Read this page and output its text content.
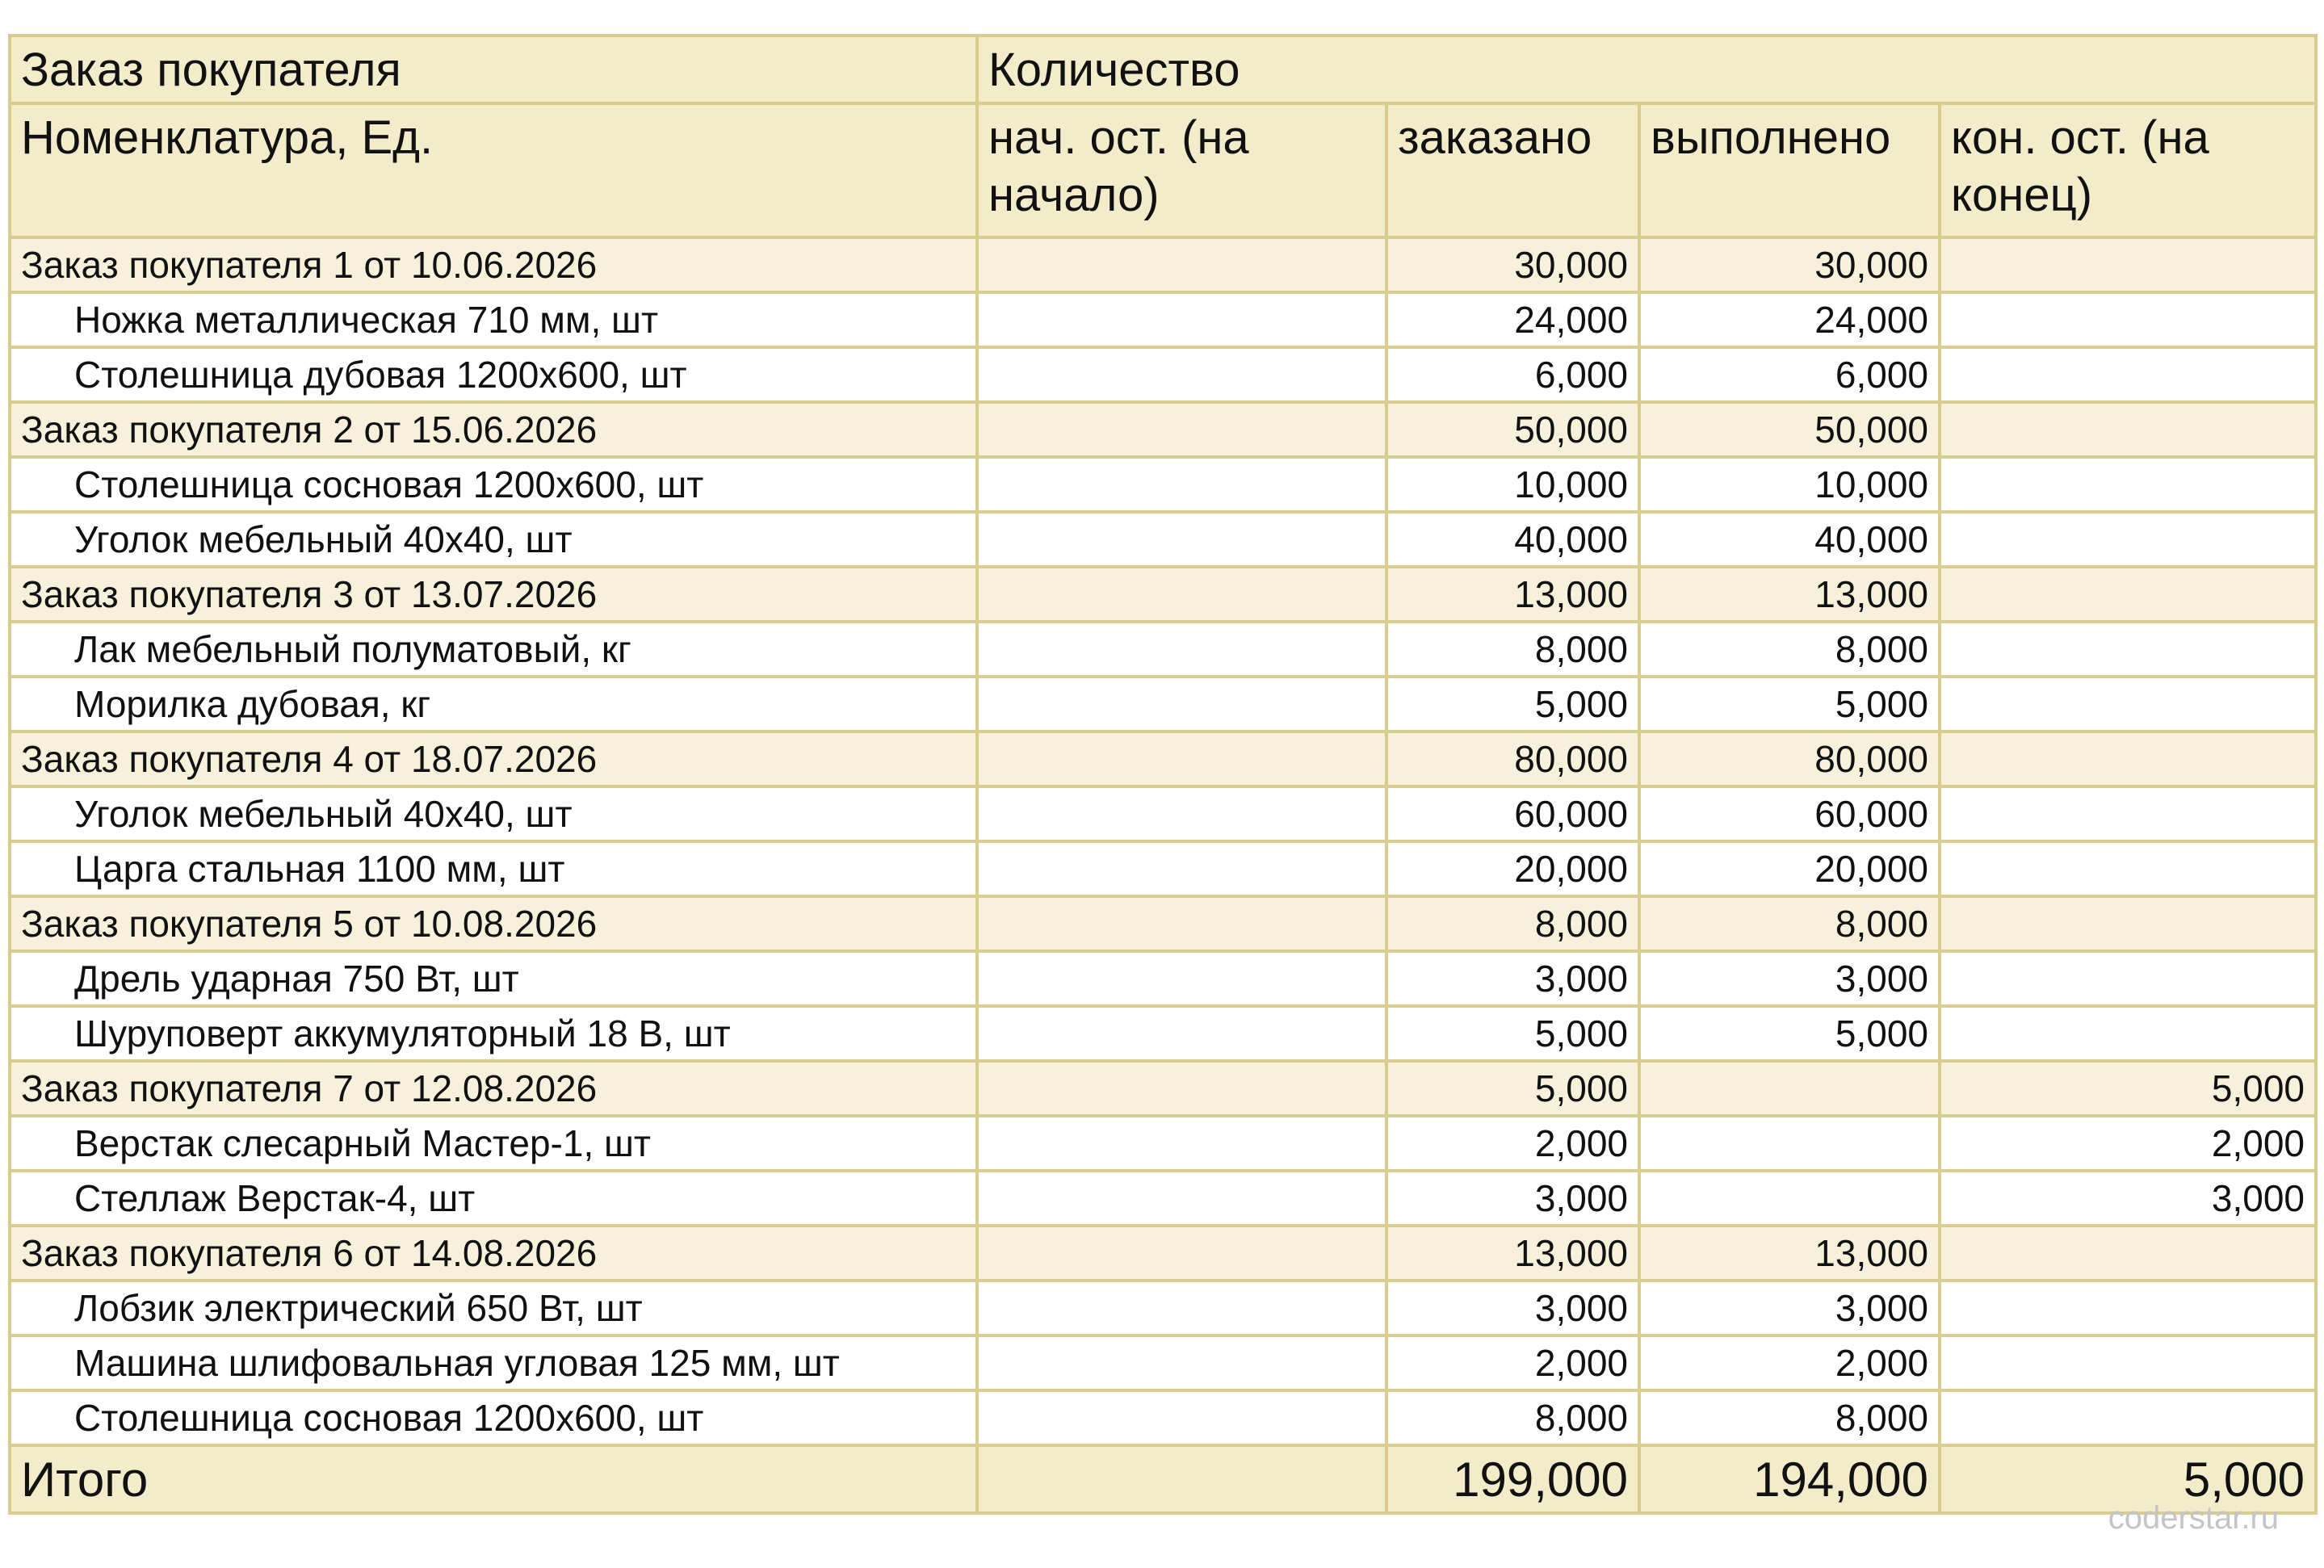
Заказ покупателя	Количество			
Номенклатура, Ед.	нач. ост. (на начало)	заказано	выполнено	кон. ост. (на конец)
Заказ покупателя 1 от 10.06.2026		30,000	30,000	
Ножка металлическая 710 мм, шт		24,000	24,000	
Столешница дубовая 1200х600, шт		6,000	6,000	
Заказ покупателя 2 от 15.06.2026		50,000	50,000	
Столешница сосновая 1200х600, шт		10,000	10,000	
Уголок мебельный 40х40, шт		40,000	40,000	
Заказ покупателя 3 от 13.07.2026		13,000	13,000	
Лак мебельный полуматовый, кг		8,000	8,000	
Морилка дубовая, кг		5,000	5,000	
Заказ покупателя 4 от 18.07.2026		80,000	80,000	
Уголок мебельный 40х40, шт		60,000	60,000	
Царга стальная 1100 мм, шт		20,000	20,000	
Заказ покупателя 5 от 10.08.2026		8,000	8,000	
Дрель ударная 750 Вт, шт		3,000	3,000	
Шуруповерт аккумуляторный 18 В, шт		5,000	5,000	
Заказ покупателя 7 от 12.08.2026		5,000		5,000
Верстак слесарный Мастер-1, шт		2,000		2,000
Стеллаж Верстак-4, шт		3,000		3,000
Заказ покупателя 6 от 14.08.2026		13,000	13,000	
Лобзик электрический 650 Вт, шт		3,000	3,000	
Машина шлифовальная угловая 125 мм, шт		2,000	2,000	
Столешница сосновая 1200х600, шт		8,000	8,000	
Итого		199,000	194,000	5,000
coderstar.ru
